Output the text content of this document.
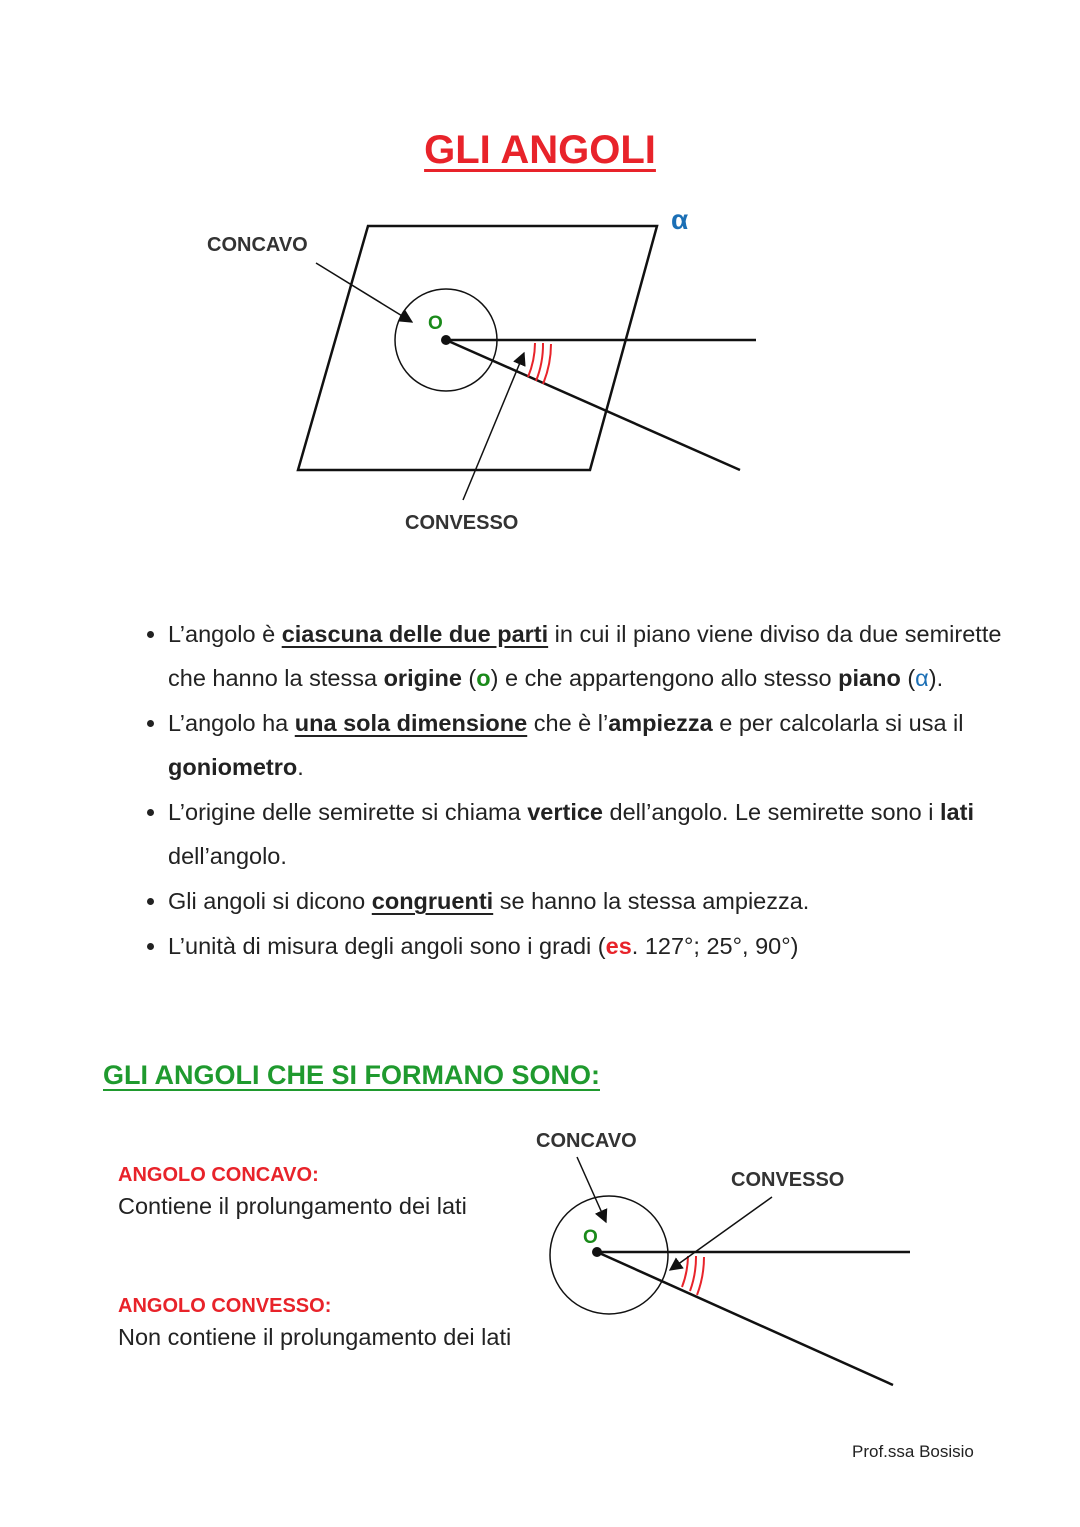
GLI ANGOLI
CONCAVO
CONVESSO
α
O
• L’angolo è ciascuna delle due parti in cui il piano viene diviso da due semirette che hanno la stessa origine (o) e che appartengono allo stesso piano (α).
• L’angolo ha una sola dimensione che è l’ampiezza e per calcolarla si usa il goniometro.
• L’origine delle semirette si chiama vertice dell’angolo. Le semirette sono i lati dell’angolo.
• Gli angoli si dicono congruenti se hanno la stessa ampiezza.
• L’unità di misura degli angoli sono i gradi (es. 127°; 25°, 90°)
GLI ANGOLI CHE SI FORMANO SONO:
ANGOLO CONCAVO:
Contiene il prolungamento dei lati
ANGOLO CONVESSO:
Non contiene il prolungamento dei lati
CONCAVO
CONVESSO
O
Prof.ssa Bosisio
